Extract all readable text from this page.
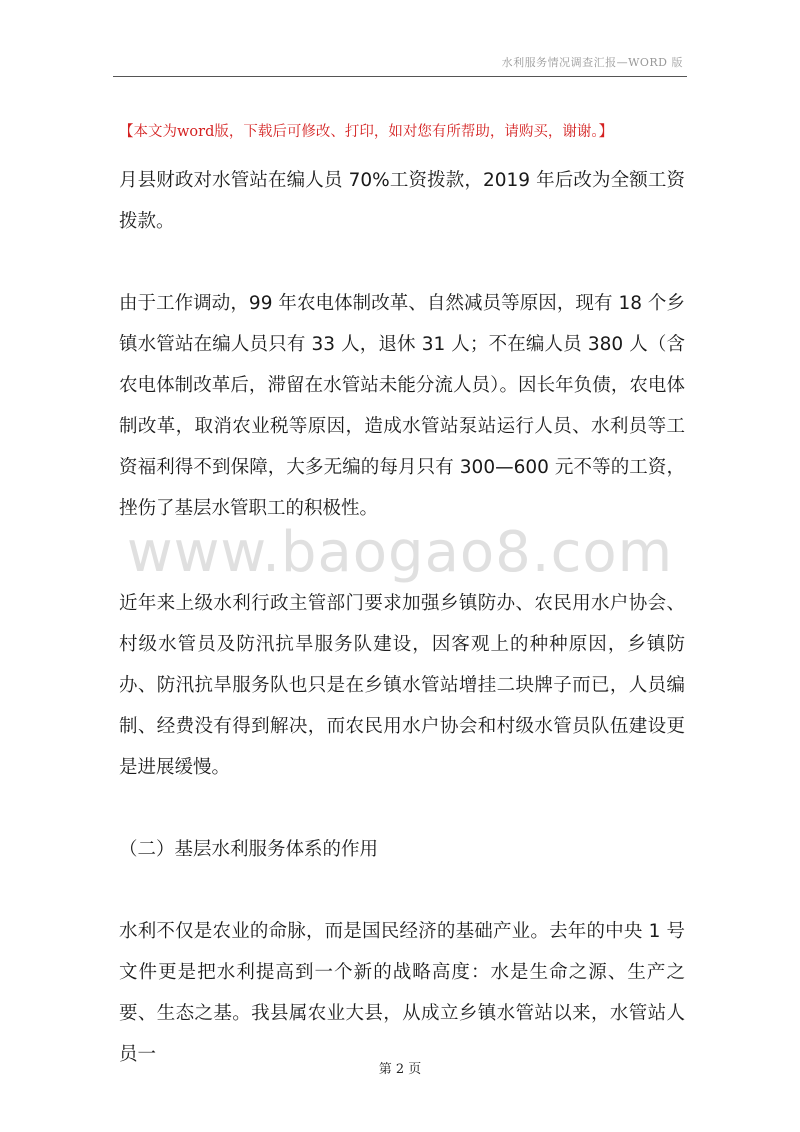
水利服务情况调查汇报—WORD 版
【本文为word版，下载后可修改、打印，如对您有所帮助，请购买，谢谢。】
月县财政对水管站在编人员 70%工资拨款，2019 年后改为全额工资拨款。
由于工作调动，99 年农电体制改革、自然减员等原因，现有 18 个乡镇水管站在编人员只有 33 人，退休 31 人；不在编人员 380 人（含农电体制改革后，滞留在水管站未能分流人员）。因长年负债，农电体制改革，取消农业税等原因，造成水管站泵站运行人员、水利员等工资福利得不到保障，大多无编的每月只有 300—600 元不等的工资，挫伤了基层水管职工的积极性。
www.baogao8.com
近年来上级水利行政主管部门要求加强乡镇防办、农民用水户协会、村级水管员及防汛抗旱服务队建设，因客观上的种种原因，乡镇防办、防汛抗旱服务队也只是在乡镇水管站增挂二块牌子而已，人员编制、经费没有得到解决，而农民用水户协会和村级水管员队伍建设更是进展缓慢。
（二）基层水利服务体系的作用
水利不仅是农业的命脉，而是国民经济的基础产业。去年的中央 1 号文件更是把水利提高到一个新的战略高度：水是生命之源、生产之要、生态之基。我县属农业大县，从成立乡镇水管站以来，水管站人员一
第 2 页
